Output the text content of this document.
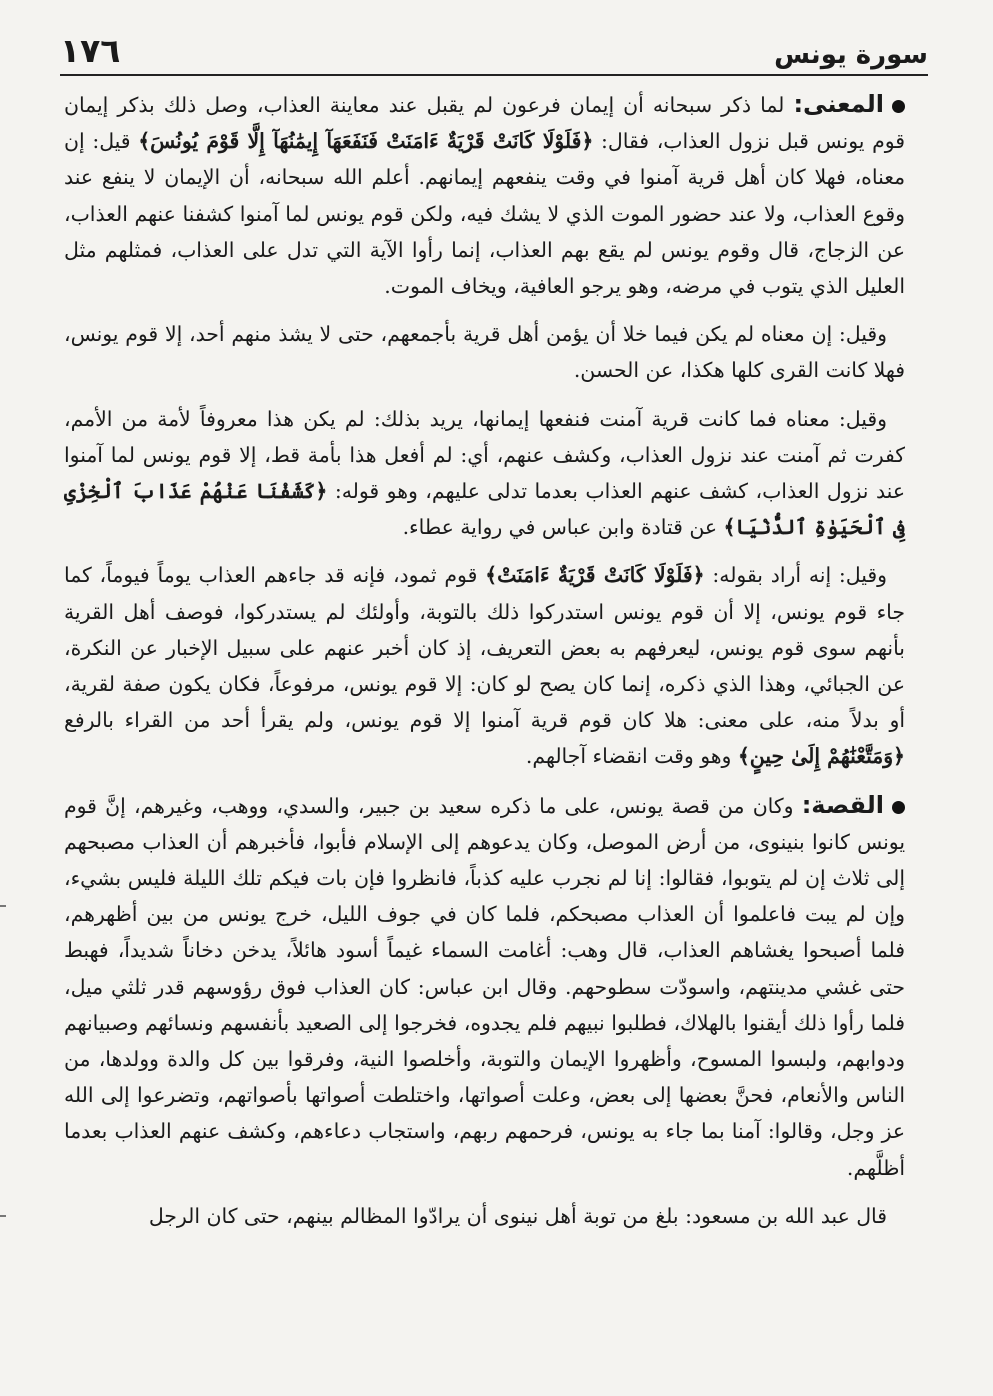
سورة يونس
١٧٦

المعنى: لما ذكر سبحانه أن إيمان فرعون لم يقبل عند معاينة العذاب، وصل ذلك بذكر إيمان قوم يونس قبل نزول العذاب، فقال: ﴿فَلَوْلَا كَانَتْ قَرْيَةٌ ءَامَنَتْ فَنَفَعَهَآ إِيمَٰنُهَآ إِلَّا قَوْمَ يُونُسَ﴾ قيل: إن معناه، فهلا كان أهل قرية آمنوا في وقت ينفعهم إيمانهم. أعلم الله سبحانه، أن الإيمان لا ينفع عند وقوع العذاب، ولا عند حضور الموت الذي لا يشك فيه، ولكن قوم يونس لما آمنوا كشفنا عنهم العذاب، عن الزجاج، قال وقوم يونس لم يقع بهم العذاب، إنما رأوا الآية التي تدل على العذاب، فمثلهم مثل العليل الذي يتوب في مرضه، وهو يرجو العافية، ويخاف الموت.

وقيل: إن معناه لم يكن فيما خلا أن يؤمن أهل قرية بأجمعهم، حتى لا يشذ منهم أحد، إلا قوم يونس، فهلا كانت القرى كلها هكذا، عن الحسن.

وقيل: معناه فما كانت قرية آمنت فنفعها إيمانها، يريد بذلك: لم يكن هذا معروفاً لأمة من الأمم، كفرت ثم آمنت عند نزول العذاب، وكشف عنهم، أي: لم أفعل هذا بأمة قط، إلا قوم يونس لما آمنوا عند نزول العذاب، كشف عنهم العذاب بعدما تدلى عليهم، وهو قوله: ﴿كَشَفْنَا عَنْهُمْ عَذَابَ ٱلْخِزْىِ فِى ٱلْحَيَوٰةِ ٱلدُّنْيَا﴾ عن قتادة وابن عباس في رواية عطاء.

وقيل: إنه أراد بقوله: ﴿فَلَوْلَا كَانَتْ قَرْيَةٌ ءَامَنَتْ﴾ قوم ثمود، فإنه قد جاءهم العذاب يوماً فيوماً، كما جاء قوم يونس، إلا أن قوم يونس استدركوا ذلك بالتوبة، وأولئك لم يستدركوا، فوصف أهل القرية بأنهم سوى قوم يونس، ليعرفهم به بعض التعريف، إذ كان أخبر عنهم على سبيل الإخبار عن النكرة، عن الجبائي، وهذا الذي ذكره، إنما كان يصح لو كان: إلا قوم يونس، مرفوعاً، فكان يكون صفة لقرية، أو بدلاً منه، على معنى: هلا كان قوم قرية آمنوا إلا قوم يونس، ولم يقرأ أحد من القراء بالرفع ﴿وَمَتَّعْنَٰهُمْ إِلَىٰ حِينٍ﴾ وهو وقت انقضاء آجالهم.

القصة: وكان من قصة يونس، على ما ذكره سعيد بن جبير، والسدي، ووهب، وغيرهم، إنَّ قوم يونس كانوا بنينوى، من أرض الموصل، وكان يدعوهم إلى الإسلام فأبوا، فأخبرهم أن العذاب مصبحهم إلى ثلاث إن لم يتوبوا، فقالوا: إنا لم نجرب عليه كذباً، فانظروا فإن بات فيكم تلك الليلة فليس بشيء، وإن لم يبت فاعلموا أن العذاب مصبحكم، فلما كان في جوف الليل، خرج يونس من بين أظهرهم، فلما أصبحوا يغشاهم العذاب، قال وهب: أغامت السماء غيماً أسود هائلاً، يدخن دخاناً شديداً، فهبط حتى غشي مدينتهم، واسودّت سطوحهم. وقال ابن عباس: كان العذاب فوق رؤوسهم قدر ثلثي ميل، فلما رأوا ذلك أيقنوا بالهلاك، فطلبوا نبيهم فلم يجدوه، فخرجوا إلى الصعيد بأنفسهم ونسائهم وصبيانهم ودوابهم، ولبسوا المسوح، وأظهروا الإيمان والتوبة، وأخلصوا النية، وفرقوا بين كل والدة وولدها، من الناس والأنعام، فحنَّ بعضها إلى بعض، وعلت أصواتها، واختلطت أصواتها بأصواتهم، وتضرعوا إلى الله عز وجل، وقالوا: آمنا بما جاء به يونس، فرحمهم ربهم، واستجاب دعاءهم، وكشف عنهم العذاب بعدما أظلَّهم.

قال عبد الله بن مسعود: بلغ من توبة أهل نينوى أن يرادّوا المظالم بينهم، حتى كان الرجل
